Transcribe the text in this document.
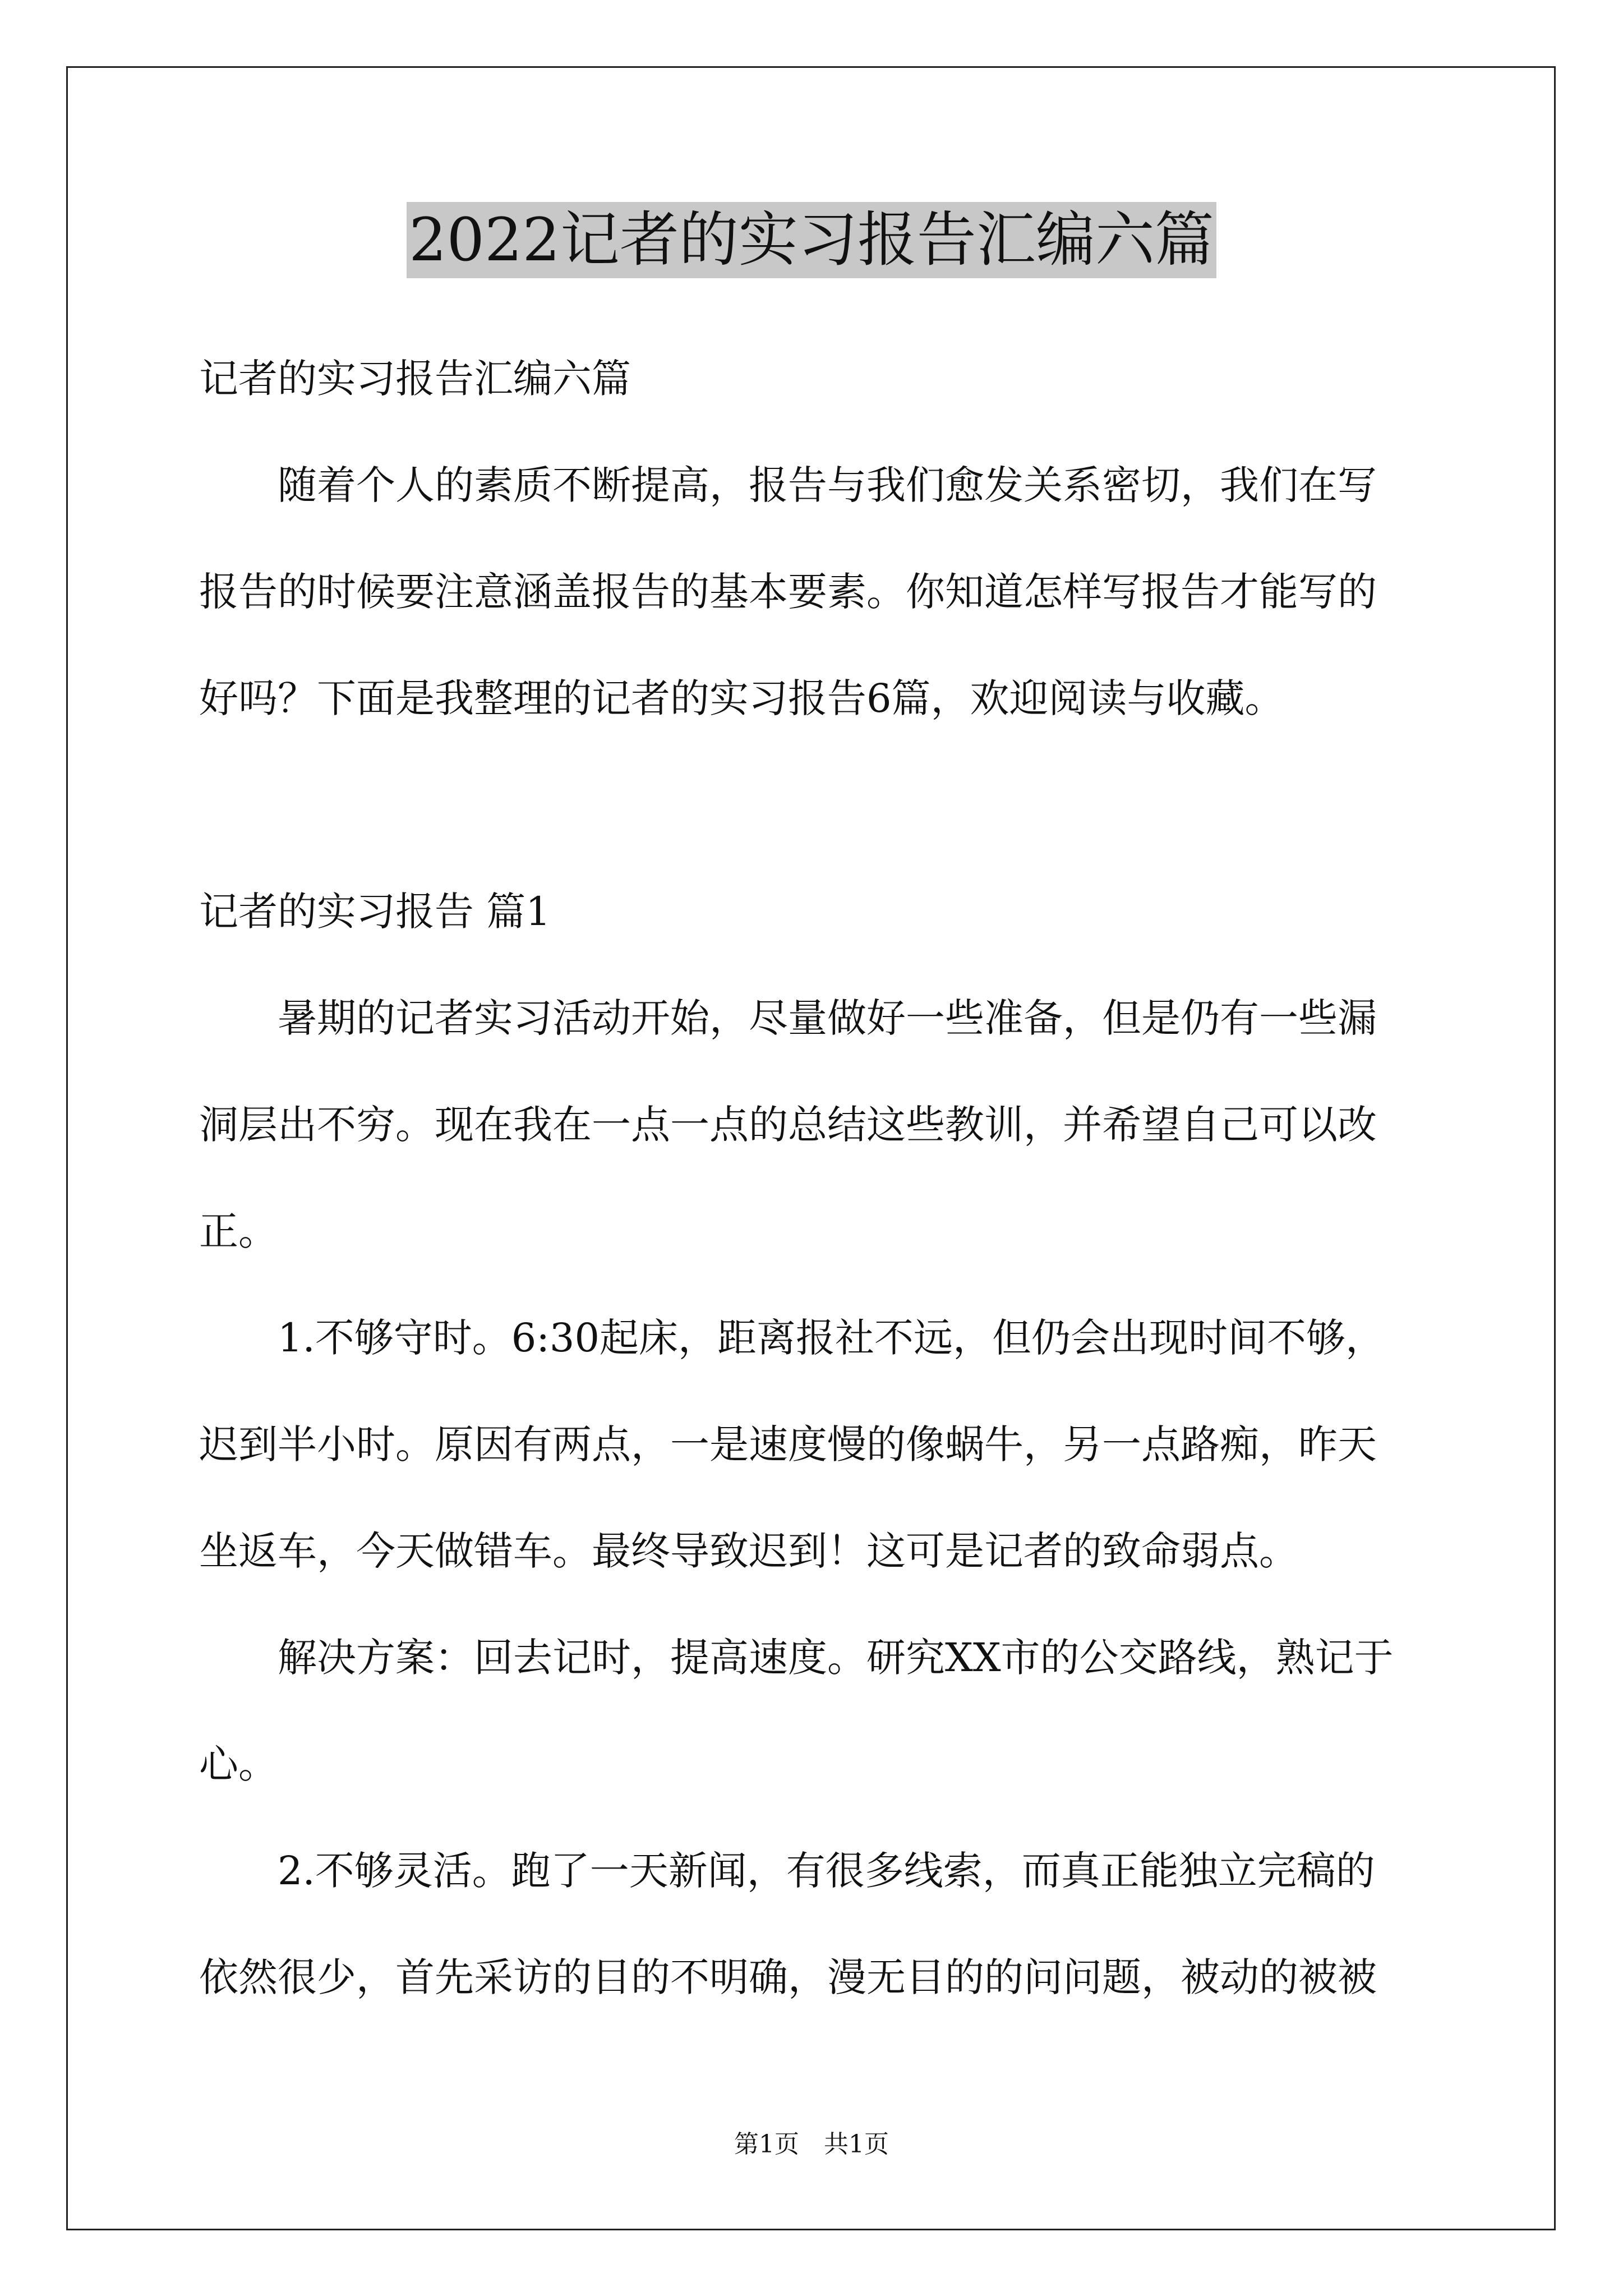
2022记者的实习报告汇编六篇
记者的实习报告汇编六篇
　　随着个人的素质不断提高，报告与我们愈发关系密切，我们在写
报告的时候要注意涵盖报告的基本要素。你知道怎样写报告才能写的
好吗？下面是我整理的记者的实习报告6篇，欢迎阅读与收藏。
记者的实习报告 篇1
　　暑期的记者实习活动开始，尽量做好一些准备，但是仍有一些漏
洞层出不穷。现在我在一点一点的总结这些教训，并希望自己可以改
正。
　　1.不够守时。6:30起床，距离报社不远，但仍会出现时间不够，
迟到半小时。原因有两点，一是速度慢的像蜗牛，另一点路痴，昨天
坐返车，今天做错车。最终导致迟到！这可是记者的致命弱点。
　　解决方案：回去记时，提高速度。研究XX市的公交路线，熟记于
心。
　　2.不够灵活。跑了一天新闻，有很多线索，而真正能独立完稿的
依然很少，首先采访的目的不明确，漫无目的的问问题，被动的被被
第1页　共1页
